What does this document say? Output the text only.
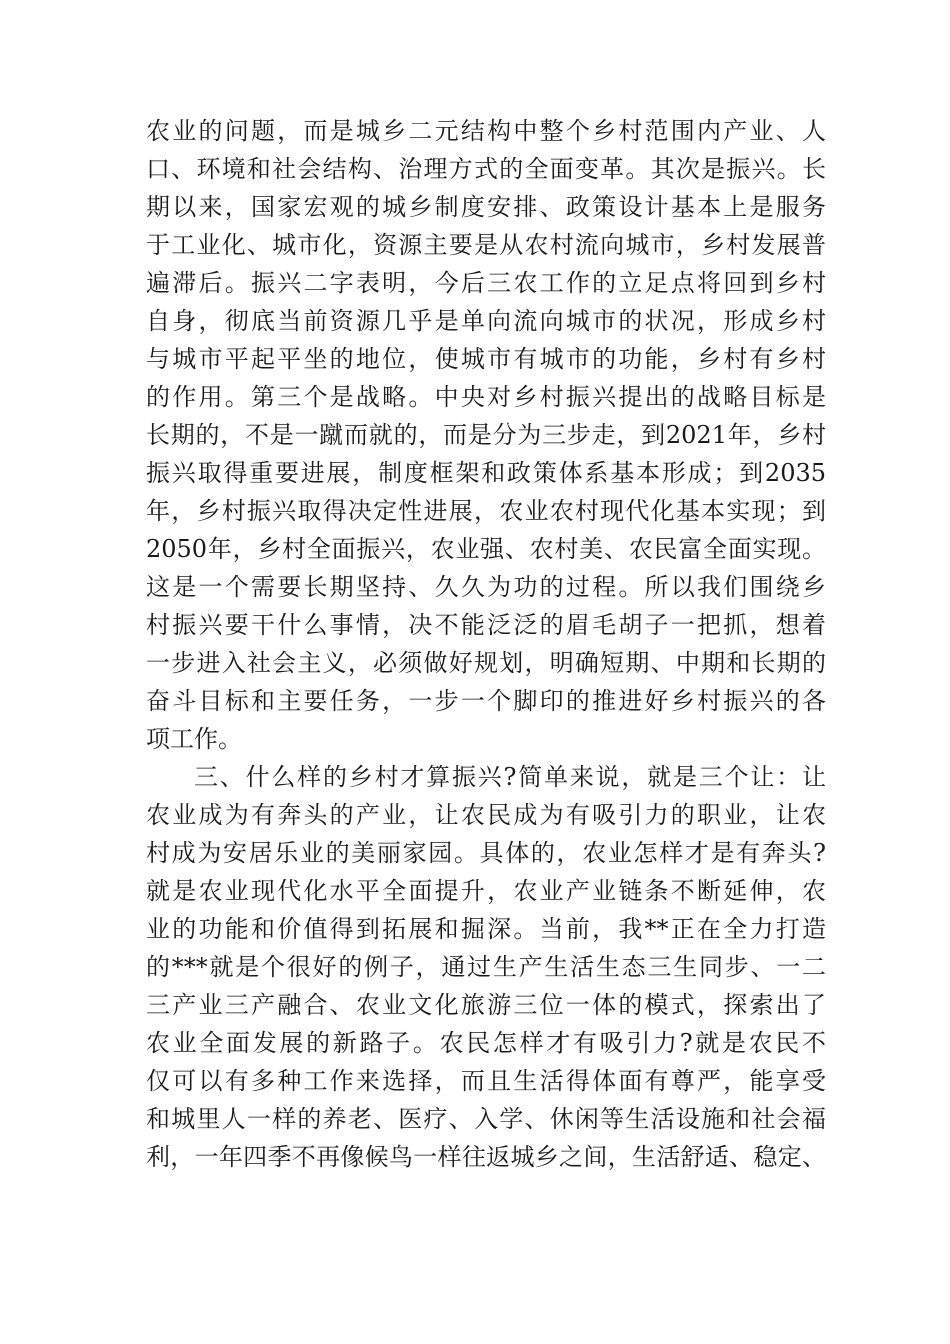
农业的问题，而是城乡二元结构中整个乡村范围内产业、人
口、环境和社会结构、治理方式的全面变革。其次是振兴。长
期以来，国家宏观的城乡制度安排、政策设计基本上是服务
于工业化、城市化，资源主要是从农村流向城市，乡村发展普
遍滞后。振兴二字表明，今后三农工作的立足点将回到乡村
自身，彻底当前资源几乎是单向流向城市的状况，形成乡村
与城市平起平坐的地位，使城市有城市的功能，乡村有乡村
的作用。第三个是战略。中央对乡村振兴提出的战略目标是
长期的，不是一蹴而就的，而是分为三步走，到2021年，乡村
振兴取得重要进展，制度框架和政策体系基本形成；到2035
年，乡村振兴取得决定性进展，农业农村现代化基本实现；到
2050年，乡村全面振兴，农业强、农村美、农民富全面实现。
这是一个需要长期坚持、久久为功的过程。所以我们围绕乡
村振兴要干什么事情，决不能泛泛的眉毛胡子一把抓，想着
一步进入社会主义，必须做好规划，明确短期、中期和长期的
奋斗目标和主要任务，一步一个脚印的推进好乡村振兴的各
项工作。
三、什么样的乡村才算振兴?简单来说，就是三个让：让
农业成为有奔头的产业，让农民成为有吸引力的职业，让农
村成为安居乐业的美丽家园。具体的，农业怎样才是有奔头?
就是农业现代化水平全面提升，农业产业链条不断延伸，农
业的功能和价值得到拓展和掘深。当前，我**正在全力打造
的***就是个很好的例子，通过生产生活生态三生同步、一二
三产业三产融合、农业文化旅游三位一体的模式，探索出了
农业全面发展的新路子。农民怎样才有吸引力?就是农民不
仅可以有多种工作来选择，而且生活得体面有尊严，能享受
和城里人一样的养老、医疗、入学、休闲等生活设施和社会福
利，一年四季不再像候鸟一样往返城乡之间，生活舒适、稳定、
